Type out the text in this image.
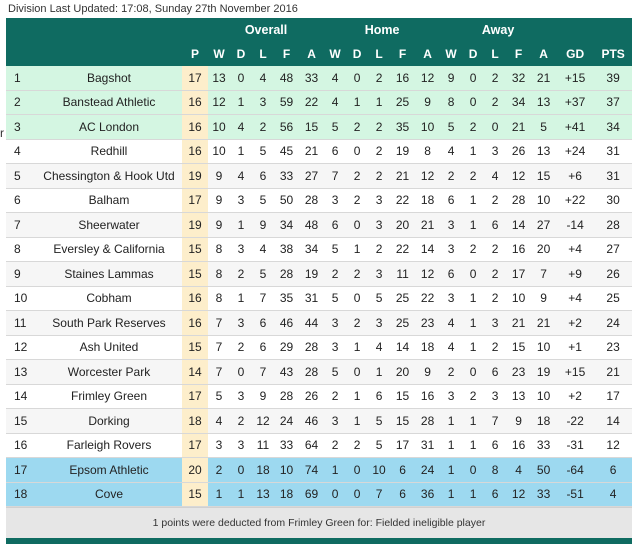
Division Last Updated: 17:08, Sunday 27th November 2016
r
			Overall					Home					Away						
		P	W	D	L	F	A	W	D	L	F	A	W	D	L	F	A	GD	PTS
1	Bagshot	17	13	0	4	48	33	4	0	2	16	12	9	0	2	32	21	+15	39
2	Banstead Athletic	16	12	1	3	59	22	4	1	1	25	9	8	0	2	34	13	+37	37
3	AC London	16	10	4	2	56	15	5	2	2	35	10	5	2	0	21	5	+41	34
4	Redhill	16	10	1	5	45	21	6	0	2	19	8	4	1	3	26	13	+24	31
5	Chessington & Hook Utd	19	9	4	6	33	27	7	2	2	21	12	2	2	4	12	15	+6	31
6	Balham	17	9	3	5	50	28	3	2	3	22	18	6	1	2	28	10	+22	30
7	Sheerwater	19	9	1	9	34	48	6	0	3	20	21	3	1	6	14	27	-14	28
8	Eversley & California	15	8	3	4	38	34	5	1	2	22	14	3	2	2	16	20	+4	27
9	Staines Lammas	15	8	2	5	28	19	2	2	3	11	12	6	0	2	17	7	+9	26
10	Cobham	16	8	1	7	35	31	5	0	5	25	22	3	1	2	10	9	+4	25
11	South Park Reserves	16	7	3	6	46	44	3	2	3	25	23	4	1	3	21	21	+2	24
12	Ash United	15	7	2	6	29	28	3	1	4	14	18	4	1	2	15	10	+1	23
13	Worcester Park	14	7	0	7	43	28	5	0	1	20	9	2	0	6	23	19	+15	21
14	Frimley Green	17	5	3	9	28	26	2	1	6	15	16	3	2	3	13	10	+2	17
15	Dorking	18	4	2	12	24	46	3	1	5	15	28	1	1	7	9	18	-22	14
16	Farleigh Rovers	17	3	3	11	33	64	2	2	5	17	31	1	1	6	16	33	-31	12
17	Epsom Athletic	20	2	0	18	10	74	1	0	10	6	24	1	0	8	4	50	-64	6
18	Cove	15	1	1	13	18	69	0	0	7	6	36	1	1	6	12	33	-51	4
1 points were deducted from Frimley Green for: Fielded ineligible player
